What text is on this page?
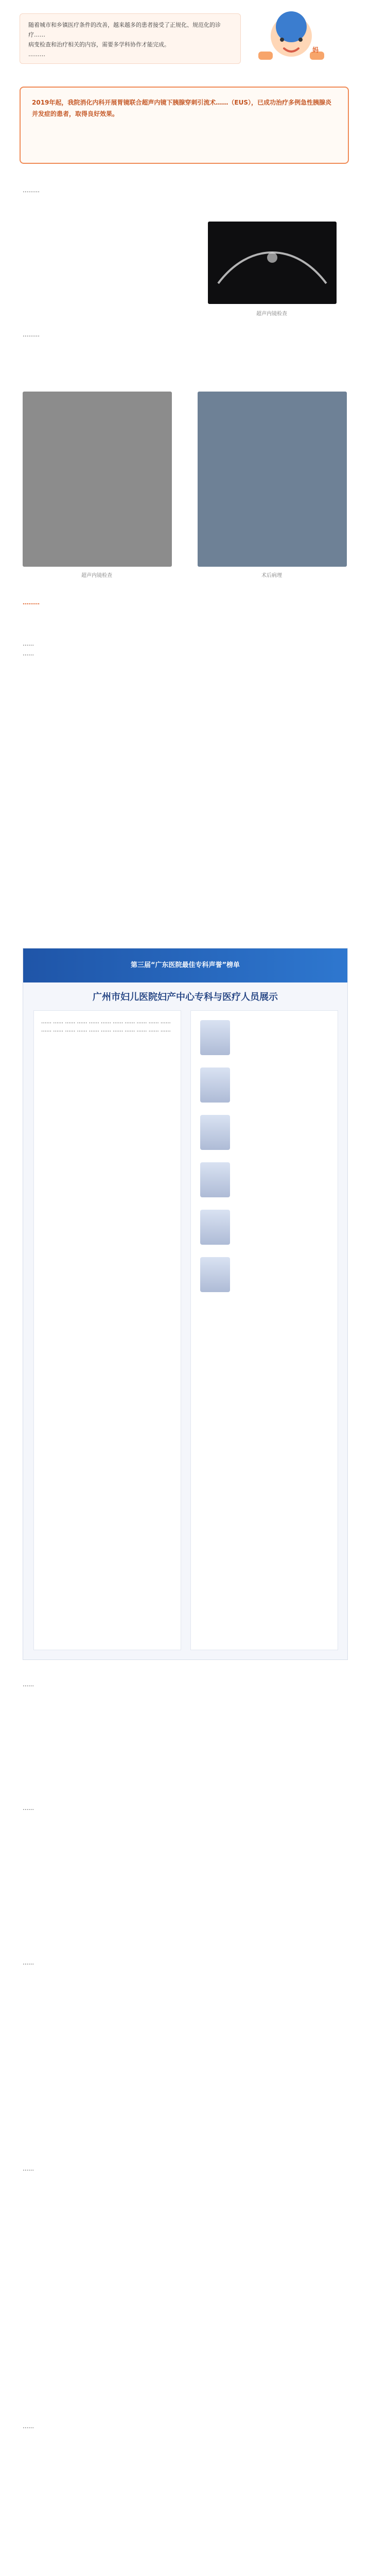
随着城市和乡镇医疗条件的改善，越来越多的患者接受了正规化、规范化的诊疗……
病变检查和治疗相关的内容，需要多学科协作才能完成。
………
妈
2019年起，我院消化内科开展胃镜联合超声内镜下胰腺穿刺引流术……（EUS），已成功治疗多例急性胰腺炎并发症的患者，取得良好效果。
………
超声内镜检查
………
超声内镜检查	术后病理
………
……
……
第三届“广东医院最佳专科声誉”榜单
广州市妇儿医院妇产中心专科与医疗人员展示
…… …… …… …… …… …… …… …… …… …… …… …… …… …… …… …… …… …… …… …… …… ……
……
……
……
……
……
